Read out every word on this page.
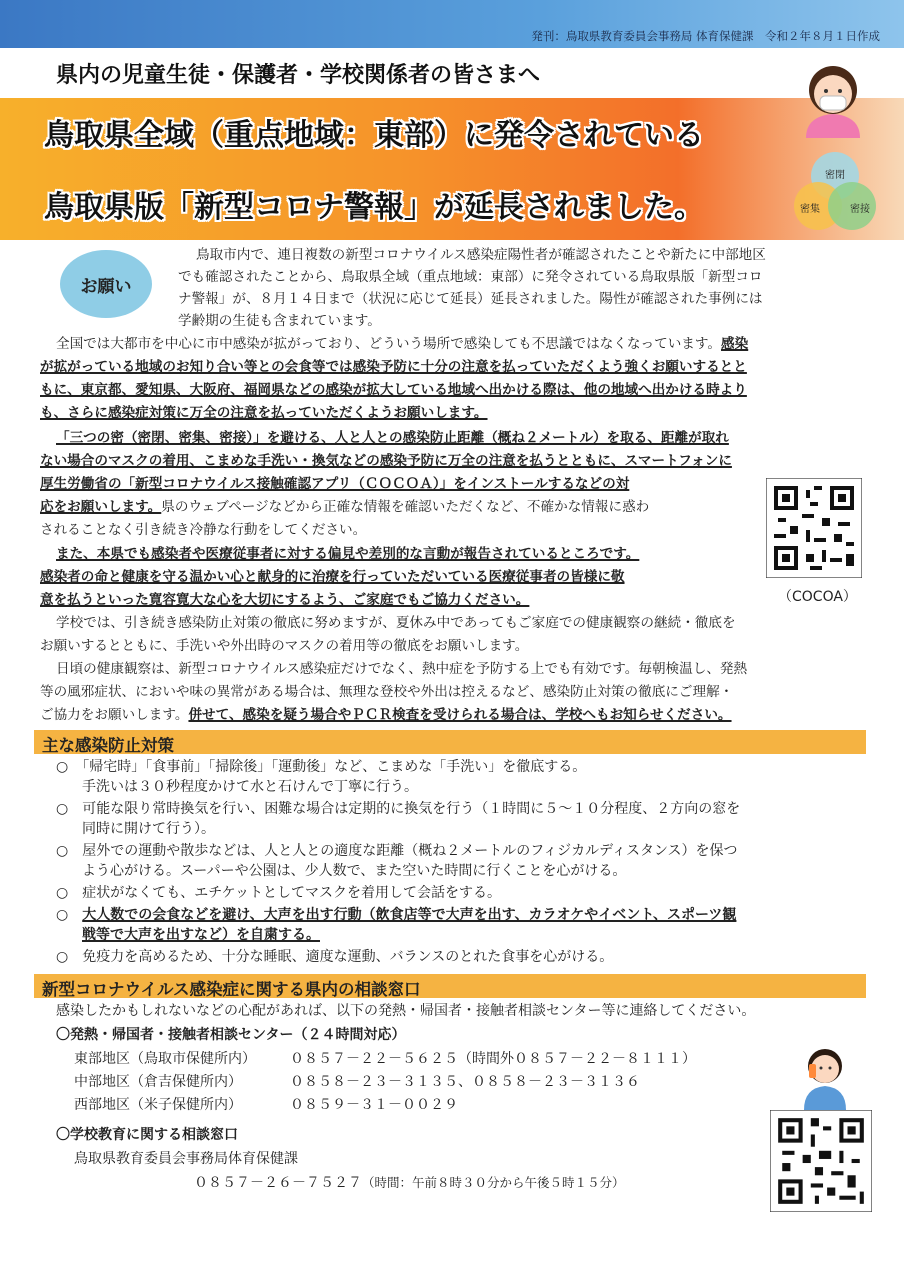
発刊：鳥取県教育委員会事務局 体育保健課　令和２年８月１日作成
県内の児童生徒・保護者・学校関係者の皆さまへ
鳥取県全域（重点地域：東部）に発令されている
鳥取県版「新型コロナ警報」が延長されました。
密閉
密集	密接
お願い
鳥取市内で、連日複数の新型コロナウイルス感染症陽性者が確認されたことや新たに中部地区
でも確認されたことから、鳥取県全域（重点地域：東部）に発令されている鳥取県版「新型コロ
ナ警報」が、８月１４日まで（状況に応じて延長）延長されました。陽性が確認された事例には
学齢期の生徒も含まれています。
全国では大都市を中心に市中感染が拡がっており、どういう場所で感染しても不思議ではなくなっています。感染
が拡がっている地域のお知り合い等との会食等では感染予防に十分の注意を払っていただくよう強くお願いするとと
もに、東京都、愛知県、大阪府、福岡県などの感染が拡大している地域へ出かける際は、他の地域へ出かける時より
も、さらに感染症対策に万全の注意を払っていただくようお願いします。
「三つの密（密閉、密集、密接）」を避ける、人と人との感染防止距離（概ね２メートル）を取る、距離が取れ
ない場合のマスクの着用、こまめな手洗い・換気などの感染予防に万全の注意を払うとともに、スマートフォンに
厚生労働省の「新型コロナウイルス接触確認アプリ（ＣＯＣＯＡ）」をインストールするなどの対
応をお願いします。県のウェブページなどから正確な情報を確認いただくなど、不確かな情報に惑わ
されることなく引き続き冷静な行動をしてください。
また、本県でも感染者や医療従事者に対する偏見や差別的な言動が報告されているところです。
感染者の命と健康を守る温かい心と献身的に治療を行っていただいている医療従事者の皆様に敬
意を払うといった寛容寛大な心を大切にするよう、ご家庭でもご協力ください。
学校では、引き続き感染防止対策の徹底に努めますが、夏休み中であってもご家庭での健康観察の継続・徹底を
お願いするとともに、手洗いや外出時のマスクの着用等の徹底をお願いします。
日頃の健康観察は、新型コロナウイルス感染症だけでなく、熱中症を予防する上でも有効です。毎朝検温し、発熱
等の風邪症状、においや味の異常がある場合は、無理な登校や外出は控えるなど、感染防止対策の徹底にご理解・
ご協力をお願いします。併せて、感染を疑う場合やＰＣＲ検査を受けられる場合は、学校へもお知らせください。
（COCOA）
主な感染防止対策
○　 「帰宅時」「食事前」「掃除後」「運動後」など、こまめな「手洗い」を徹底する。
手洗いは３０秒程度かけて水と石けんで丁寧に行う。
○　 可能な限り常時換気を行い、困難な場合は定期的に換気を行う（１時間に５～１０分程度、２方向の窓を
同時に開けて行う）。
○　 屋外での運動や散歩などは、人と人との適度な距離（概ね２メートルのフィジカルディスタンス）を保つ
よう心がける。スーパーや公園は、少人数で、また空いた時間に行くことを心がける。
○　 症状がなくても、エチケットとしてマスクを着用して会話をする。
○　 大人数での会食などを避け、大声を出す行動（飲食店等で大声を出す、カラオケやイベント、スポーツ観
戦等で大声を出すなど）を自粛する。
○　 免疫力を高めるため、十分な睡眠、適度な運動、バランスのとれた食事を心がける。
新型コロナウイルス感染症に関する県内の相談窓口
感染したかもしれないなどの心配があれば、以下の発熱・帰国者・接触者相談センター等に連絡してください。
〇発熱・帰国者・接触者相談センター（２４時間対応）
東部地区（鳥取市保健所内） ０８５７－２２－５６２５（時間外０８５７－２２－８１１１）
中部地区（倉吉保健所内）	０８５８－２３－３１３５、０８５８－２３－３１３６
西部地区（米子保健所内）	０８５９－３１－００２９
〇学校教育に関する相談窓口
鳥取県教育委員会事務局体育保健課
０８５７－２６－７５２７（時間：午前８時３０分から午後５時１５分）
